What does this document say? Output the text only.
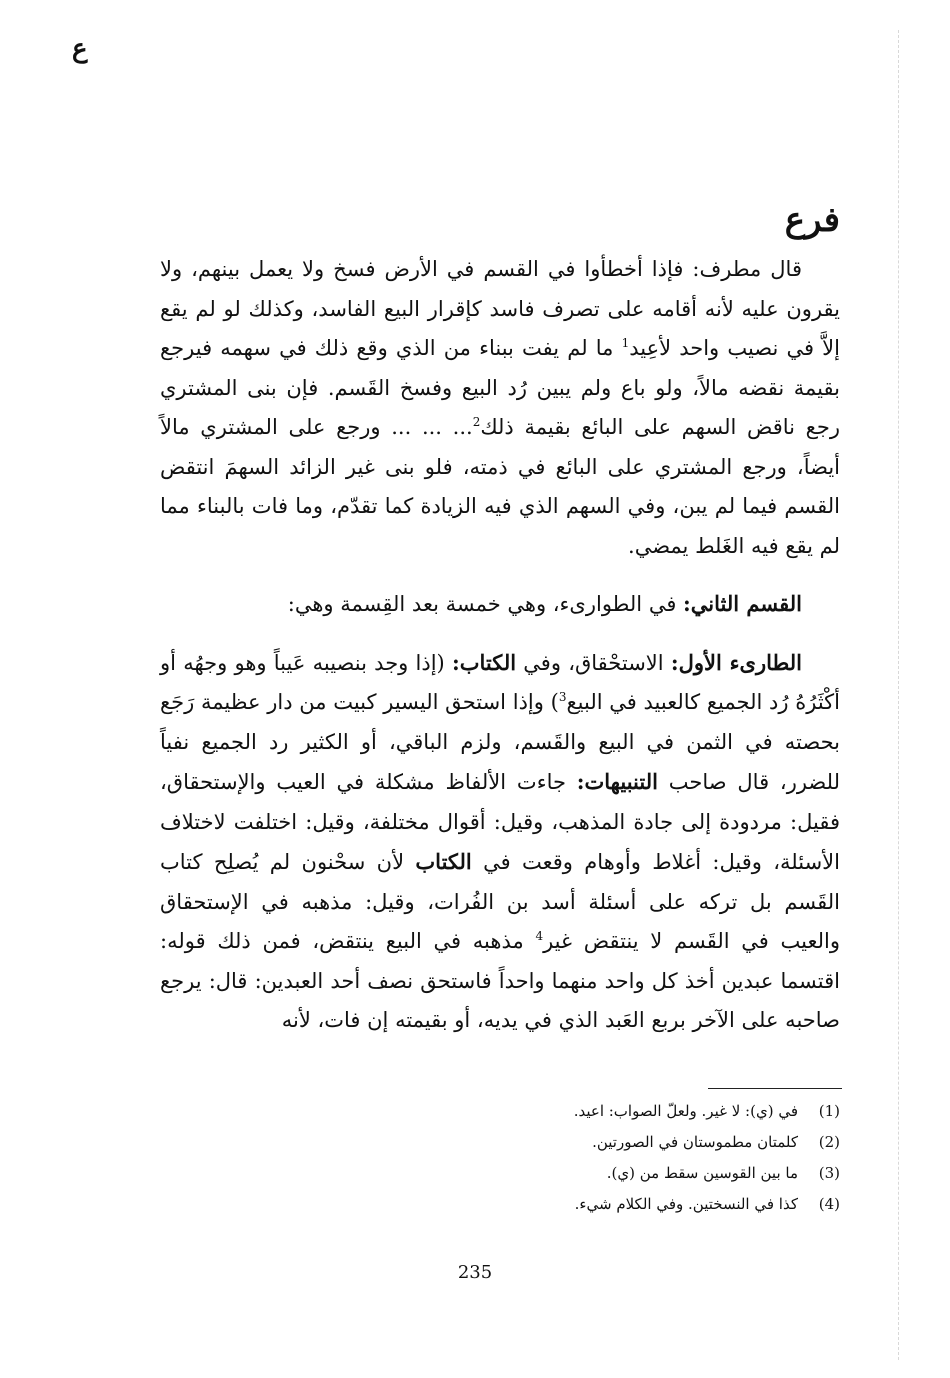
ﻉ
فرع

قال مطرف: فإذا أخطأوا في القسم في الأرض فسخ ولا يعمل بينهم، ولا يقرون عليه لأنه أقامه على تصرف فاسد كإقرار البيع الفاسد، وكذلك لو لم يقع إلاَّ في نصيب واحد لأعِيد$^1$ ما لم يفت ببناء من الذي وقع ذلك في سهمه فيرجع بقيمة نقضه مالاً، ولو باع ولم يبين رُد البيع وفسخ القَسم. فإن بنى المشتري رجع ناقض السهم على البائع بقيمة ذلك$^2$... ... ... ورجع على المشتري مالاً أيضاً، ورجع المشتري على البائع في ذمته، فلو بنى غير الزائد السهمَ انتقض القسم فيما لم يبن، وفي السهم الذي فيه الزيادة كما تقدّم، وما فات بالبناء مما لم يقع فيه الغَلط يمضي.

القسم الثاني: في الطوارىء، وهي خمسة بعد القِسمة وهي:

الطارىء الأول: الاستحْقاق، وفي الكتاب: (إذا وجد بنصيبه عَيباً وهو وجهُه أو أكْثَرُهُ رُد الجميع كالعبيد في البيع$^3$) وإذا استحق اليسير كبيت من دار عظيمة رَجَع بحصته في الثمن في البيع والقَسم، ولزم الباقي، أو الكثير رد الجميع نفياً للضرر، قال صاحب التنبيهات: جاءت الألفاظ مشكلة في العيب والإستحقاق، فقيل: مردودة إلى جادة المذهب، وقيل: أقوال مختلفة، وقيل: اختلفت لاختلاف الأسئلة، وقيل: أغلاط وأوهام وقعت في الكتاب لأن سحْنون لم يُصلِح كتاب القَسم بل تركه على أسئلة أسد بن الفُرات، وقيل: مذهبه في الإستحقاق والعيب في القَسم لا ينتقض غير$^4$ مذهبه في البيع ينتقض، فمن ذلك قوله: اقتسما عبدين أخذ كل واحد منهما واحداً فاستحق نصف أحد العبدين: قال: يرجع صاحبه على الآخر بربع العَبد الذي في يديه، أو بقيمته إن فات، لأنه

(1)
في (ي): لا غير. ولعلّ الصواب: اعيد.
(2)
كلمتان مطموستان في الصورتين.
(3)
ما بين القوسين سقط من (ي).
(4)
كذا في النسختين. وفي الكلام شيء.
235
